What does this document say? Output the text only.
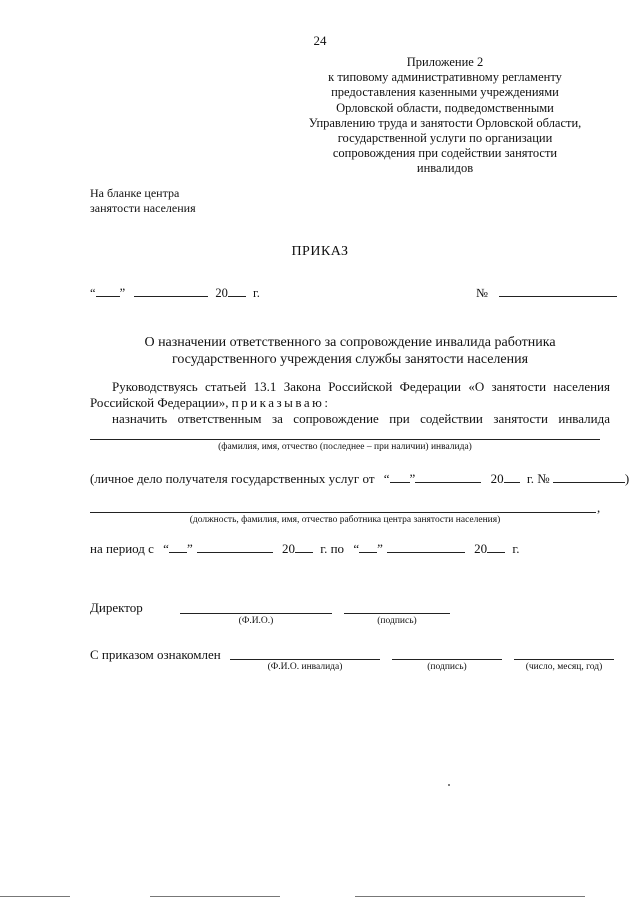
24
Приложение 2
к типовому административному регламенту
предоставления казенными учреждениями
Орловской области, подведомственными
Управлению труда и занятости Орловской области,
государственной услуги по организации
сопровождения при содействии занятости
инвалидов
На бланке центра
занятости населения
ПРИКАЗ
“ ”	20 г.	№
О назначении ответственного за сопровождение инвалида работника
государственного учреждения службы занятости населения
Руководствуясь статьей 13.1 Закона Российской Федерации «О занятости населения
Российской Федерации», приказываю:
назначить ответственным за сопровождение при содействии занятости инвалида
(фамилия, имя, отчество (последнее – при наличии) инвалида)
(личное дело получателя государственных услуг от “ ”	20 г. №	)
,
(должность, фамилия, имя, отчество работника центра занятости населения)
на период с “ ”	20 г. по “ ”	20 г.
Директор
(Ф.И.О.)	(подпись)
С приказом ознакомлен
(Ф.И.О. инвалида)	(подпись)	(число, месяц, год)
